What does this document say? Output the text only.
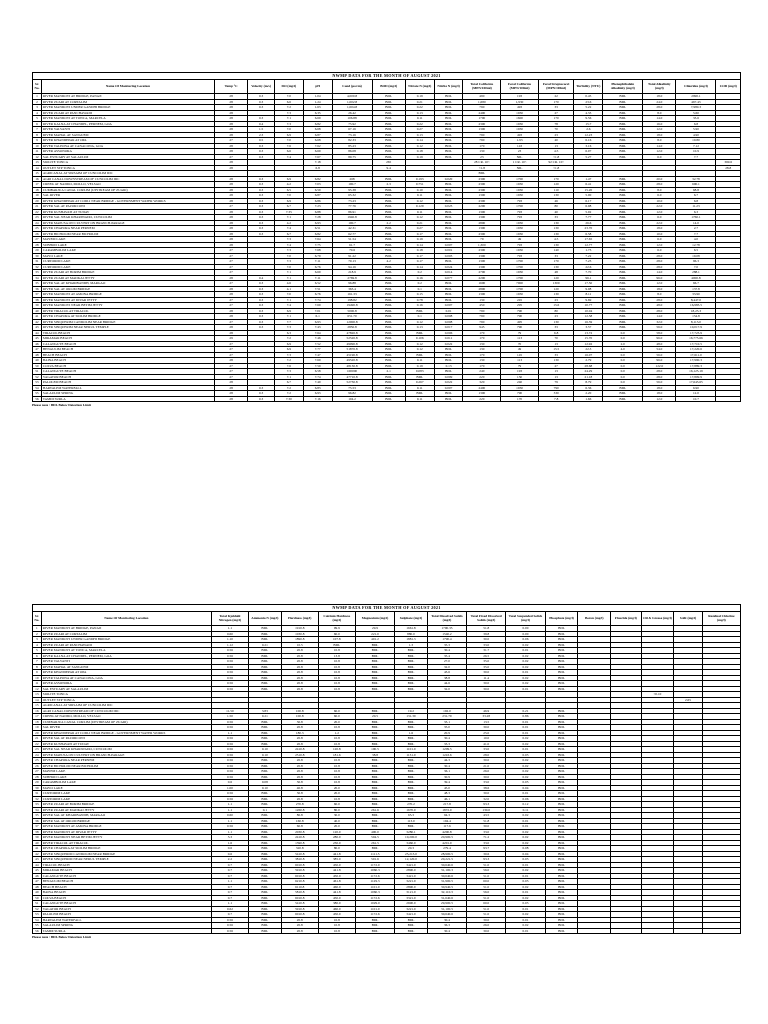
NWMP DATA FOR THE MONTH OF AUGUST 2021
Sr. No.	Name Of Monitoring Location	Temp °C	Velocity (m/s)	DO (mg/l)	pH	Cond (µs/cm)	BOD (mg/l)	Nitrate N (mg/l)	Nitrite N (mg/l)	Total Coliforms (MPN/100ml)	Fecal Coliforms (MPN/100ml)	Fecal Streptococci (MPN/100ml)	Turbidity (NTU)	Phenophthalein Alkalinity (mg/l)	Total Alkalinity (mg/l)	Chlorides (mg/l)	COD (mg/l)
1	RIVER MANDOVI AT BRIDGE, PANAJI	28	0.3	7.0	1.04	4,000.8	BDL	0.19	BDL	490	193	22	0.45	BDL	18.0	2990.1	
2	RIVER ZUARI AT CORTALIM	28	0.3	6.6	1.24	1,002.8	BDL	0.21	BDL	1,680	1,930	170	23.6	BDL	24.0	467.43	
3	RIVER MANDOVI UNDER GANDHI BRIDGE	28	0.3	7.2	1.63	1,004.8	BDL	0.22	BDL	790	493	33	5.22	BDL	28.0	7,980.3	
4	RIVER ZUARI AT PANCHAWADI	28		7.3	6.35	26.42	BDL	0.13	BDL	2400	1930	27	4.33	BDL	8.0	5.60	
5	RIVER MANDOVI AT TONCA, MARCELA	28	0.3	7.1	6.69	106.88	BDL	0.11	BDL	1700	1600	170	9.56	BDL	14.0	33.6	
6	RIVER KALNA AT CHANDEL, PERNEM, GOA	28	0.4	7.3	6.82	75.92	BDL	0.22	BDL	2300	1930	78	15.7	BDL	16.0	6.8	
7	RIVER VALVANTI	28	1.5	7.0	6.68	67.16	BDL	0.27	BDL	1300	1930	70	2.6	BDL	12.0	5.90	
8	RIVER MAHAL AT SANGUEM	28	2.3	6.9	6.87	73.16	BDL	0.13	BDL	790	493	23	12.23	BDL	18.0	4.90	
9	RIVER KHANDEPAR AT OPA	27	0.5	7.0	6.68	82.33	BDL	0.14	BDL	790	1.93	40	6.16	BDL	8.0	10.80	
10	RIVER TALPONA AT CANACONA, GOA	28	0.3	7.6	7.62	85.23	BDL	0.12	BDL	170	143	13	3.16	BDL	14.0	7.12	
11	RIVER ASSONORA	28	0.3	6.6	6.69	86.08	BDL	0.18	BDL	130	23	4.5	6.07	BDL	12.0	10.9	
12	SAL ESTUARY AT SALAULIM	27	0.3	7.4	7.67	89.75	BDL	0.19	BDL	23	NIL	<1.8	5.27	BDL	6.0	7.7	
13	SIOLITE TONCA	28			7.18		265			28 CR. 10^	1 CR. 10^	92 CR. 10^					369.6
14	OUTLET STP TONCA	28			6.8		9.4			<1.8	NIL	<1.8					28.8
15	AGRICANAL AT SIRSAIM OF CUNCOLIM IDC									BDL							
16	AGRI CANAL DOWNSTREAM OF CUNCOLIM IDC	28	0.3	6.9	6.82	268	BDL	0.193	0.020	2300	1700	170	1.47	BDL	20.0	32.78	
17	CREEK AT NADDO, MOLLO, VELSAO	28	0.3	4.2	7.03	190.7	2.3	0.751	BDL	2300	1930	120	6.41	BDL	28.0	690.1	
18	CUMBARJUA CANAL CORLIM (UPSTREAM OF ZUARI)	28	0.3	6.5	6.59	95.38	BDL	0.10	BDL	2300	1930	110	15.20	BDL	8.0	68.8	
19	SAL RIVER	28	0.3	7.0	6.87	65.32	BDL	0.11	BDL	1300	1930	130	5.00	BDL	6.0	6.7	
20	RIVER KHANDEPAR AT CODLI NEAR BRIDGE - GOVERNMENT WATER WORKS	28	0.3	6.9	6.86	73.23	BDL	0.12	BDL	2300	793	46	6.17	BDL	10.0	6.8	
21	RIVER SAL AT PAZORCONI	27	0.3	6.7	7.23	77.76	BDL	0.129	0.023	2200	1700	80	6.98	BDL	22.0	11.23	
22	RIVER KUSHAVATI AT TUDAV	28	0.3	7.35	6.88	86.91	BDL	0.11	BDL	1300	793	40	5.02	BDL	12.0	6.3	
23	RIVER SAL NEAR KHARIWADO, CUNCOLIM	28	0.3	7.1	7.28	1940.8	BDL	0.12	BDL	1300	793	33	7.77	BDL	6.0	1760.1	
24	RIVER MAPUSA ON CULVERT ON BRANCH-PARAGE	28	0.3	4.2	6.93	190.7	2.2	0.21	BDL	2800	1930	130	26.6	BDL	22.0	14.0	
25	RIVER CHAPORA NEAR PERNEM	28	0.3	7.4	6.51	42.31	BDL	0.27	BDL	1300	1930	130	23.70	BDL	18.0	2.7	
26	RIVER BICHOLIM NEAR BICHOLIM	28	0.3	6.7	6.82	62.77	BDL	0.17	BDL	2300	1930	130	6.58	BDL	10.0	7.7	
27	MAYEM LAKE	28		7.3	7.64	51.54	BDL	0.19	BDL	79	49	4.5	17.65	BDL	6.0	4.0	
28	SUBHOD LAKE	28		7.4	7.75	61.7	BDL	0.14	0.007	1,300	793	130	12.77	BDL	12.0	12.78	
29	CARAMBOLIM LAKE	27		7.3	7.68	70.6	BDL	0.18	0.001	2300	1930	140	1.73	BDL	6.0	6.5	
30	MAYO LAKE	27		7.0	6.79	91.22	BDL	0.17	0.003	1300	793	33	7.22	BDL	28.0	19.08	
31	CURTORIM LAKE	27		7.3	7.11	70.13	4.2	0.17	BDL	1300	1700	170	7.23	BDL	28.0	96.3	
32	CURTORIM LAKE	27		7.0	6.76	94.16	BDL	0.14	0.024	1300	1700	130	22.6	BDL	28.0	7.0	
33	RIVER ZUARI AT BORIM BRIDGE	27		7.1	6.69	218.9	BDL	0.2	0.014	2700	1930	48	7.70	BDL	14.0	288.1	
34	RIVER ZUARI AT MADKAI JETTY	28	0.4	7.1	7.11	2769.8	BDL	0.16	0.077	2200	1700	120	96.1	BDL	96.0	4000.8	
35	RIVER SAL AT KHARIBANDH, MARGAO	27	0.3	4.6	6.52	96.88	BDL	0.2	BDL	1600	7900	1300	17.50	BDL	12.0	66.7	
36	RIVER SAL AT ORLIM BRIDGE	28	0.3	4.1	7.51	363.4	BDL	0.1	BDL	2800	1700	120	9.08	BDL	18.0	137.8	
37	RIVER MANDOVI AT AMONA BRIDGE	28	0.3	7.0	6.76	161.33	BDL	0.15	BDL	1300	1930	130	8.11	BDL	8.0	33.90	
38	RIVER MANDOVI AT DIVAR JETTY	27	0.3	7.1	7.74	198.82	BDL	0.78	BDL	130	245	23	9.69	BDL	28.0	8,447.0	
39	RIVER MANDOVI NEAR BETIM JETTY	27	0.3	7.4	7.69	19490.8	BDL	0.16	0.007	450	295	13.6	10.77	BDL	48.0	16,983.5	
40	RIVER TIRACOL AT TIRACOL	28	0.3	6.9	7.01	5000.8	BDL	BDL	0.01	790	790	80	10.04	BDL	28.0	18,23.3	
41	RIVER CHAPORA AT SIOLIM BRIDGE	28	0.3	7.1	6.1	651.70	BDL	0.1	0.008	790	790	23	12.58	BDL	14.0	154.8	
42	RIVER SINQUERIM CANDOLIM NEAR BRIDGE	27	0.3	7.7	6.93	12000.8	BDL	0.12	0.008	790	495	130	16.39	BDL	32.0	8,113.0	
43	RIVER SINQUERIM NEAR NERUL TEMPLE	28	0.3	7.3	7.43	2850.8	BDL	0.13	0.017	945	790	33	3.57	BDL	56.0	10,017.9	
44	TIRACOL BEACH	28		6.3	7.64	47820.8	BDL	BDL	0.006	170	79	6.8	13.72	0.0	58.0	17,723.9	
45	MIRAMAR BEACH	29		7.2	7.46	52520.8	BDL	0.106	0.011	170	113	70	15.70	0.0	96.0	16,775.66	
46	CALANGUTE BEACH	27		6.9	7.52	49090.8	BDL	0.12	0.022	130	70	13	12.92	2.0	48.0	17,710.5	
47	BENAULIM BEACH	27		6.9	7.77	51870.8	BDL	0.12	BDL	130	49	13.5	22.3	4.0	54.0	17,220.6	
48	BEACH BEACH	27		7.3	7.47	45190.8	BDL	BDL	BDL	170	145	33	16.07	0.0	56.0	17,611.0	
49	BAINA BEACH	28		7.2	7.69	49520.8	BDL	0.11	BDL	130	113	130	2.79	0.0	96.0	17,990.3	
50	COLVA BEACH	27		7.6	7.59	48130.8	BDL	0.19	0.13	170	79	27	28.68	0.0	122.0	17,889.3	
51	CALANGUTE BEACH	27		7.3	6.58	100000	2.1	0.083	BDL	240	193	13	24.29	0.0	28.0	16,125.19	
52	VAGATOR BEACH	27		7.1	7.74	47710.8	BDL	BDL	0.009	220	130	13	21.18	0.0	28.0	17,809.9	
53	PALOLEM BEACH	28		6.7	7.49	52730.8	BDL	0.267	0.022	320	240	79	8.79	0.0	56.0	17,643.65	
54	HARVALEM WATERFALL	28	0.3	7.2	6.83	75.53	BDL	0.11	0.007	2400	1930	790	6.36	BDL	18.0	6.90	
55	SALAULIM SPRING	28	0.3	7.2	6.93	96.82	BDL	BDL	BDL	1300	790	330	2.20	BDL	18.0	12.0	
56	TAMDI SURLA	28	0.3	7.30	7.16	104.2	BDL	0.11	BDL	220	170	7.8	1.66	BDL	12.0	10.7	
Please note : BDL Below Detection Limit
NWMP DATA FOR THE MONTH OF AUGUST 2021
Sr. No.	Name Of Monitoring Location	Total Kjeldahl Nitrogen (mg/l)	Ammonia N (mg/l)	Hardness (mg/l)	Calcium Hardness (mg/l)	Magnesium (mg/l)	Sulphate (mg/l)	Total Dissolved Solids (mg/l)	Total Fixed Dissolved Solids (mg/l)	Total Suspended Solids (mg/l)	Phosphate (mg/l)	Boron (mg/l)	Fluoride (mg/l)	Oil & Grease (mg/l)	SAR (mg/l)	Residual Chlorine (mg/l)
1	RIVER MANDOVI AT BRIDGE, PANAJI	1.1	BDL	1910.8	99.9	29.9	1661.8	1790.35	51.8	0.00	BDL					
2	RIVER ZUARI AT CORTALIM	0.60	BDL	1030.8	60.0	221.0	880.0	1540.2	39.8	0.00	BDL					
3	RIVER MANDOVI UNDER GANDHI BRIDGE	1.10	BDL	1890.8	107.8	401.2	1881.3	1790.4	30.0	0.06	BDL					
4	RIVER ZUARI AT PANCHAWADI	1.12	0.21	10.5	BDL	BDL	1.3	35.3	33.0	0.02	BDL					
5	RIVER MANDOVI AT TONCA, MARCELA	0.56	BDL	20.8	10.8	BDL	BDL	30.4	31.7	0.01	BDL					
6	RIVER KALNA AT CHANDEL, PERNEM, GOA	0.56	BDL	20.8	13.8	BDL	BDL	35.4	26.5	0.02	BDL					
7	RIVER VALVANTI	0.56	BDL	20.8	10.8	BDL	BDL	27.0	35.0	0.02	BDL					
8	RIVER MAHAL AT SANGUEM	0.56	BDL	20.8	10.8	BDL	BDL	32.0	35.0	0.02	BDL					
9	RIVER KHANDEPAR AT OPA	0.56	BDL	20.8	10.8	BDL	BDL	43.6	30.0	0.01	BDL					
10	RIVER TALPONA AT CANACONA, GOA	0.56	BDL	20.8	10.8	BDL	BDL	38.8	11.4	0.02	BDL					
11	RIVER ASSONORA	0.56	BDL	20.8	10.8	BDL	BDL	44.6	30.0	0.02	BDL					
12	SAL ESTUARY AT SALAULIM	0.56	BDL	20.8	10.8	BDL	BDL	32.0	30.0	0.01	BDL					
13	SIOLITE TONCA													<0.10		
14	OUTLET STP TONCA														2.65	
15	AGRICANAL AT SIRSAIM OF CUNCOLIM IDC															
16	AGRI CANAL DOWNSTREAM OF CUNCOLIM IDC	11.50	3.83	100.8	60.0	BDL	19.2	192.0	46.9	0.21	BDL					
17	CREEK AT NADDO, MOLLO, VELSAO	1.50	0.21	100.8	60.0	20.5	131.39	231.79	33.28	0.86	BDL					
18	CUMBARJUA CANAL CORLIM (UPSTREAM OF ZUARI)	0.56	BDL	30.8	20.0	BDL	BDL	33.1	13.5	0.01	BDL					
19	SAL RIVER	0.56	BDL	20.8	10.8	BDL	BDL	35.0	30.0	0.01	BDL					
20	RIVER KHANDEPAR AT CODLI NEAR BRIDGE - GOVERNMENT WATER WORKS	1.1	BDL	180.3	1.2	BDL	1.6	20.9	25.0	0.01	BDL					
21	RIVER SAL AT PAZORCONI	0.56	BDL	20.8	10.8	BDL	BDL	30.4	10.0	0.02	BDL					
22	RIVER KUSHAVATI AT TUDAV	0.56	BDL	20.8	10.8	BDL	BDL	33.3	41.0	0.02	BDL					
23	RIVER SAL NEAR KHARIWADO, CUNCOLIM	0.56	0.10	2410.8	120.8	190.5	1101.0	1209.5	33.0	0.01	BDL					
24	RIVER MAPUSA ON CULVERT ON BRANCH-PARAGE	0.56	0.10	2510.8	181.6	38.8	1131.0	1243.6	28.0	0.03	BDL					
25	RIVER CHAPORA NEAR PERNEM	0.56	BDL	20.8	10.8	BDL	BDL	44.3	30.0	0.02	BDL					
26	RIVER BICHOLIM NEAR BICHOLIM	0.56	BDL	20.8	10.8	BDL	BDL	30.4	21.0	0.02	BDL					
27	MAYEM LAKE	0.56	BDL	20.8	10.8	BDL	BDL	36.1	26.0	0.02	BDL					
28	SUBHOD LAKE	0.56	BDL	20.8	10.8	BDL	BDL	30.9	30.0	0.02	BDL					
29	CARAMBOLIM LAKE	0.6	0.08	30.8	10.8	BDL	BDL	39.4	33.0	0.05	BDL					
30	MAYO LAKE	1.00	0.10	40.8	20.0	BDL	BDL	45.0	38.6	0.04	BDL					
31	CURTORIM LAKE	0.56	BDL	30.8	20.0	BDL	BDL	48.3	30.0	0.01	BDL					
32	CURTORIM LAKE	0.56	BDL	20.8	10.8	BDL	BDL	46.1	32.0	0.06	BDL					
33	RIVER ZUARI AT BORIM BRIDGE	1.1	BDL	270.8	60.0	BDL	270.2	217.8	93.3	0.12	BDL					
34	RIVER ZUARI AT MADKAI JETTY	1.1	0.1	1260.8	80.0	261.6	1670.0	1872.0	130.0	0.11	BDL					
35	RIVER SAL AT KHARIBANDH, MARGAO	0.60	BDL	80.8	30.0	BDL	65.3	94.3	43.5	0.02	BDL					
36	RIVER SAL AT ORLIM BRIDGE	1.1	BDL	160.8	40.0	BDL	113.0	194.4	51.8	0.01	BDL					
37	RIVER MANDOVI AT AMONA BRIDGE	0.56	BDL	60.8	20.0	BDL	BDL	117.6	30.0	0.01	BDL					
38	RIVER MANDOVI AT DIVAR JETTY	1.1	BDL	2030.8	120.0	400.0	3280.1	4200.8	33.0	0.02	BDL					
39	RIVER MANDOVI NEAR BETIM JETTY	3.3	BDL	2410.8	280.0	504.5	10,200.0	20,900.5	71.2	0.02	BDL					
40	RIVER TIRACOL AT TIRACOL	1.6	BDL	1390.8	230.0	261.5	3460.0	4201.0	33.0	0.02	BDL					
41	RIVER CHAPORA AT SIOLIM BRIDGE	0.6	BDL	320.8	80.0	BDL	20.3	279.4	93.7	0.08	BDL					
42	RIVER SINQUERIM CANDOLIM NEAR BRIDGE	0.6	BDL	5410.8	441.8	1111.5	25,213.0	28,900.5	30.6	0.04	BDL					
43	RIVER SINQUERIM NEAR NERUL TEMPLE	2.2	BDL	3810.8	385.0	501.6	12,120.0	20,221.5	93.3	0.03	BDL					
44	TIRACOL BEACH	0.7	BDL	6010.8	450.0	1172.0	3421.0	30,640.6	51.0	0.01	BDL					
45	MIRAMAR BEACH	0.7	BDL	5910.8	441.8	1060.3	2890.0	31,100.3	56.0	0.02	BDL					
46	CALANGUTE BEACH	0.7	BDL	6010.8	450.0	1172.6	3421.0	30,640.6	51.0	0.01	BDL					
47	BENAULIM BEACH	1.1	BDL	6210.8	461.8	1129.3	3221.0	31,900.5	60.0	0.03	BDL					
48	BEACH BEACH	0.7	BDL	6110.8	460.0	1101.0	2890.0	30,940.5	51.0	0.02	BDL					
49	BAINA BEACH	0.7	BDL	5810.8	441.8	1060.3	3121.0	32,110.3	56.0	0.01	BDL					
50	COLVA BEACH	0.7	BDL	6010.8	450.0	1172.6	3321.0	31,640.6	51.0	0.02	BDL					
51	CALANGUTE BEACH	1.1	BDL	5410.8	380.0	1029.0	2690.0	29,900.5	60.0	0.03	BDL					
52	VAGATOR BEACH	0.62	BDL	5910.8	460.0	1101.0	3221.0	31,100.5	51.0	0.01	BDL					
53	PALOLEM BEACH	0.7	BDL	6010.8	450.0	1172.6	3421.0	30,640.6	51.0	0.02	BDL					
54	HARVALEM WATERFALL	0.56	BDL	20.8	10.8	BDL	BDL	30.4	30.0	0.01	BDL					
55	SALAULIM SPRING	0.56	BDL	20.8	10.8	BDL	BDL	36.3	26.0	0.02	BDL					
56	TAMDI SURLA	0.56	BDL	20.8	10.8	BDL	BDL	30.4	30.0	0.01	BDL					
Please note : BDL Below Detection Limit
